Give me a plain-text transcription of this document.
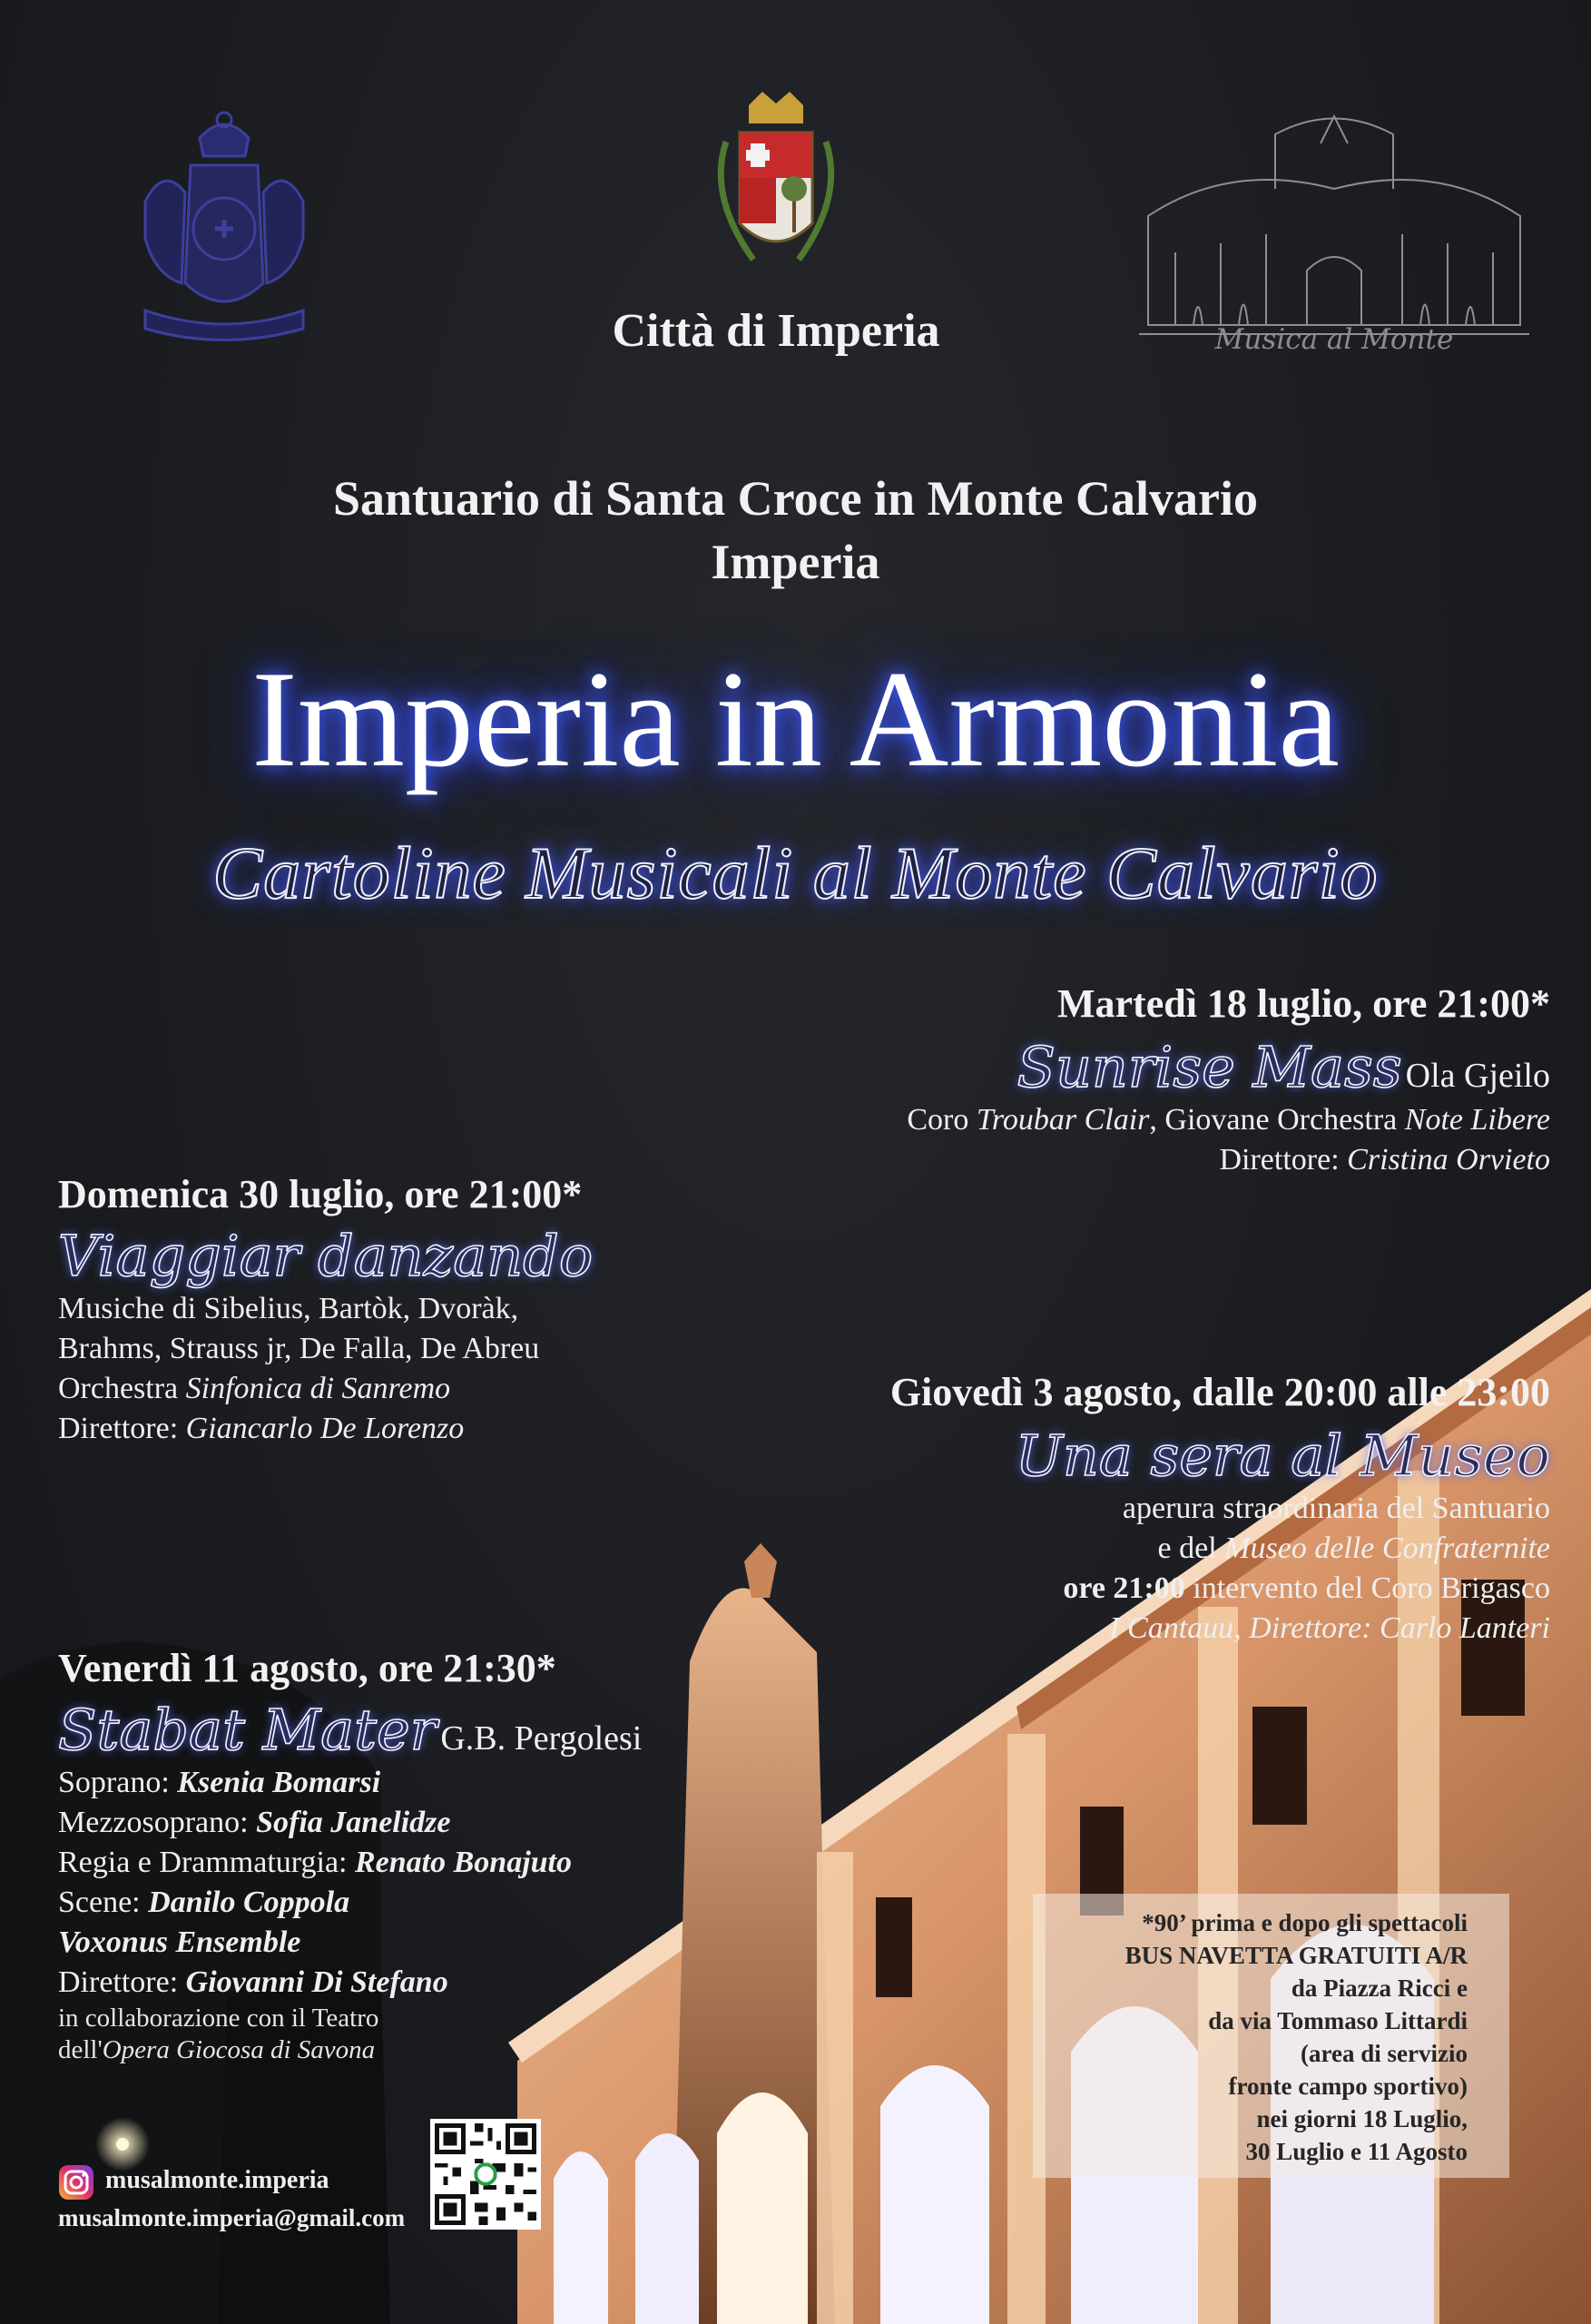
Città di Imperia	Musica al Monte
Santuario di Santa Croce in Monte Calvario
Imperia
Imperia in Armonia
Cartoline Musicali al Monte Calvario
Martedì 18 luglio, ore 21:00*
Sunrise Mass Ola Gjeilo
Coro Troubar Clair, Giovane Orchestra Note Libere
Direttore: Cristina Orvieto
Domenica 30 luglio, ore 21:00*
Viaggiar danzando
Musiche di Sibelius, Bartòk, Dvoràk,
Brahms, Strauss jr, De Falla, De Abreu
Orchestra Sinfonica di Sanremo
Direttore: Giancarlo De Lorenzo
Giovedì 3 agosto, dalle 20:00 alle 23:00
Una sera al Museo
aperura straordinaria del Santuario
e del Museo delle Confraternite
ore 21:00 intervento del Coro Brigasco
I Cantauu, Direttore: Carlo Lanteri
Venerdì 11 agosto, ore 21:30*
Stabat Mater G.B. Pergolesi
Soprano: Ksenia Bomarsi
Mezzosoprano: Sofia Janelidze
Regia e Drammaturgia: Renato Bonajuto
Scene: Danilo Coppola
Voxonus Ensemble
Direttore: Giovanni Di Stefano
in collaborazione con il Teatro
dell'Opera Giocosa di Savona
*90’ prima e dopo gli spettacoli
BUS NAVETTA GRATUITI A/R
da Piazza Ricci e
da via Tommaso Littardi
(area di servizio
fronte campo sportivo)
nei giorni 18 Luglio,
30 Luglio e 11 Agosto
musalmonte.imperia
musalmonte.imperia@gmail.com
